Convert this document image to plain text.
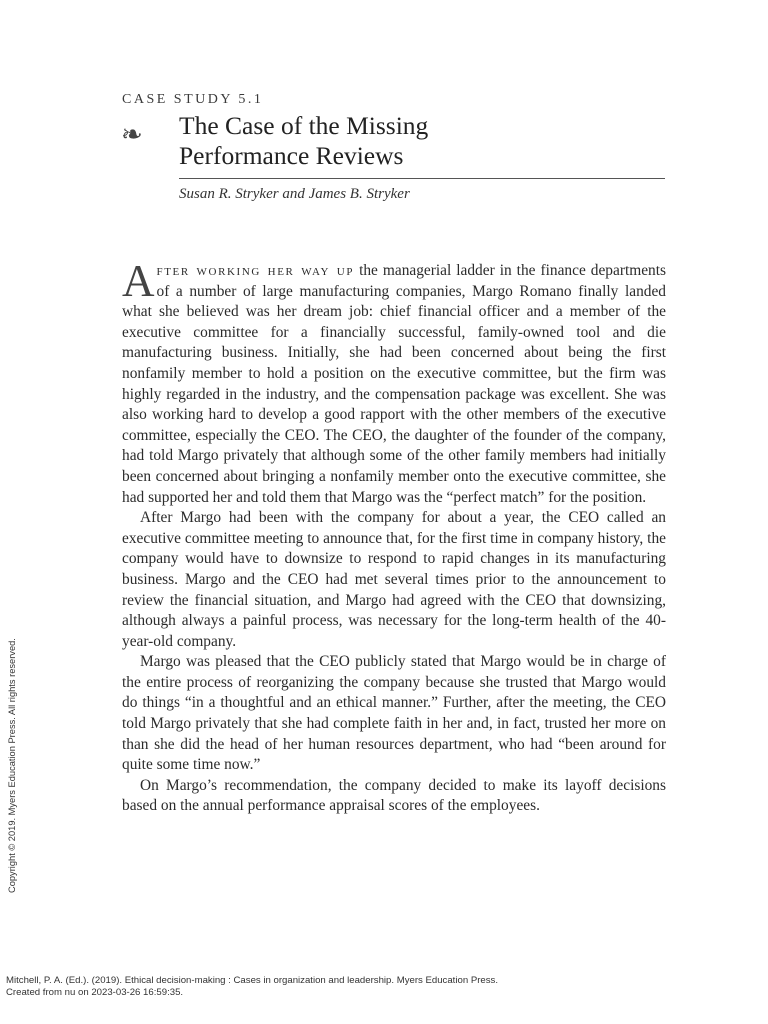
CASE STUDY 5.1
❧ The Case of the Missing
Performance Reviews
Susan R. Stryker and James B. Stryker

After working her way up the managerial ladder in the finance departments of a number of large manufacturing companies, Margo Romano finally landed what she believed was her dream job: chief financial officer and a member of the executive committee for a financially successful, family-owned tool and die manufacturing business. Initially, she had been concerned about being the first nonfamily member to hold a position on the executive committee, but the firm was highly regarded in the industry, and the compensation package was excellent. She was also working hard to develop a good rapport with the other members of the executive committee, especially the CEO. The CEO, the daughter of the founder of the company, had told Margo privately that although some of the other family members had initially been concerned about bringing a nonfamily member onto the executive committee, she had supported her and told them that Margo was the “perfect match” for the position.

After Margo had been with the company for about a year, the CEO called an executive committee meeting to announce that, for the first time in company history, the company would have to downsize to respond to rapid changes in its manufacturing business. Margo and the CEO had met several times prior to the announcement to review the financial situation, and Margo had agreed with the CEO that downsizing, although always a painful process, was necessary for the long-term health of the 40-year-old company.

Margo was pleased that the CEO publicly stated that Margo would be in charge of the entire process of reorganizing the company because she trusted that Margo would do things “in a thoughtful and an ethical manner.” Further, after the meeting, the CEO told Margo privately that she had complete faith in her and, in fact, trusted her more on than she did the head of her human resources department, who had “been around for quite some time now.”

On Margo’s recommendation, the company decided to make its layoff decisions based on the annual performance appraisal scores of the employees.

Copyright © 2019. Myers Education Press. All rights reserved.
Mitchell, P. A. (Ed.). (2019). Ethical decision-making : Cases in organization and leadership. Myers Education Press.
Created from nu on 2023-03-26 16:59:35.
